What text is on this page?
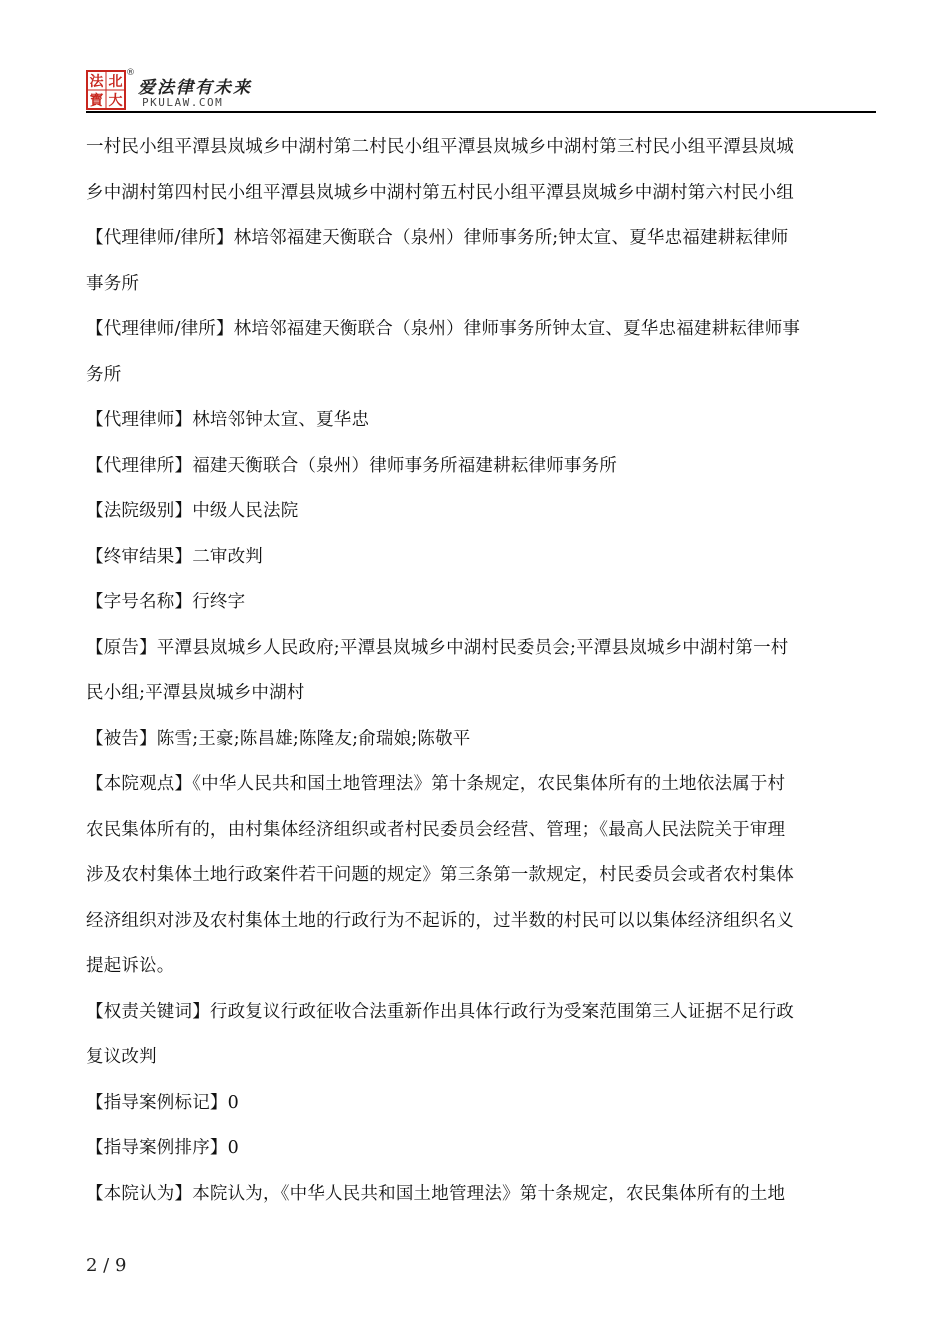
法 北
寳 大
®
爱法律有未来
PKULAW.COM
一村民小组平潭县岚城乡中湖村第二村民小组平潭县岚城乡中湖村第三村民小组平潭县岚城
乡中湖村第四村民小组平潭县岚城乡中湖村第五村民小组平潭县岚城乡中湖村第六村民小组
【代理律师/律所】林培邻福建天衡联合（泉州）律师事务所;钟太宣、夏华忠福建耕耘律师
事务所
【代理律师/律所】林培邻福建天衡联合（泉州）律师事务所钟太宣、夏华忠福建耕耘律师事
务所
【代理律师】林培邻钟太宣、夏华忠
【代理律所】福建天衡联合（泉州）律师事务所福建耕耘律师事务所
【法院级别】中级人民法院
【终审结果】二审改判
【字号名称】行终字
【原告】平潭县岚城乡人民政府;平潭县岚城乡中湖村民委员会;平潭县岚城乡中湖村第一村
民小组;平潭县岚城乡中湖村
【被告】陈雪;王豪;陈昌雄;陈隆友;俞瑞娘;陈敬平
【本院观点】《中华人民共和国土地管理法》第十条规定，农民集体所有的土地依法属于村
农民集体所有的，由村集体经济组织或者村民委员会经营、管理；《最高人民法院关于审理
涉及农村集体土地行政案件若干问题的规定》第三条第一款规定，村民委员会或者农村集体
经济组织对涉及农村集体土地的行政行为不起诉的，过半数的村民可以以集体经济组织名义
提起诉讼。
【权责关键词】行政复议行政征收合法重新作出具体行政行为受案范围第三人证据不足行政
复议改判
【指导案例标记】0
【指导案例排序】0
【本院认为】本院认为，《中华人民共和国土地管理法》第十条规定，农民集体所有的土地
2 / 9
